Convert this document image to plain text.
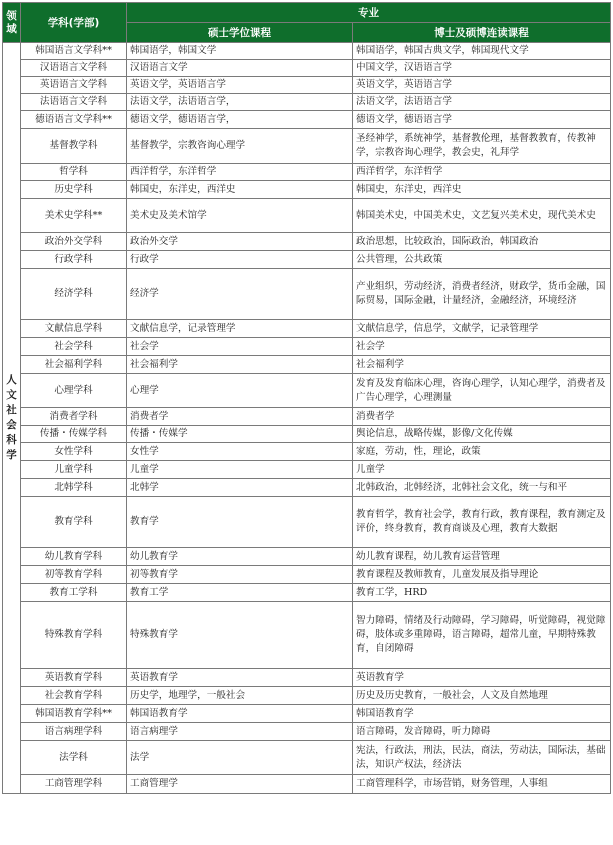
领域	学科(学部)	专业	
		硕士学位课程	博士及硕博连读课程

人文社会科学	韩国语言文学科**	韩国语学，韩国文学	韩国语学，韩国古典文学，韩国现代文学
	汉语语言文学科	汉语语言文学	中国文学，汉语语言学
	英语语言文学科	英语文学，英语语言学	英语文学，英语语言学
	法语语言文学科	法语文学，法语语言学，	法语文学，法语语言学
	德语语言文学科**	德语文学，德语语言学，	德语文学，德语语言学
	基督教学科	基督教学，宗教咨询心理学	圣经神学，系统神学，基督教伦理，基督教教育，传教神学，宗教咨询心理学，教会史，礼拜学
	哲学科	西洋哲学，东洋哲学	西洋哲学，东洋哲学
	历史学科	韩国史，东洋史，西洋史	韩国史，东洋史，西洋史
	美术史学科**	美术史及美术馆学	韩国美术史，中国美术史，文艺复兴美术史，现代美术史
	政治外交学科	政治外交学	政治思想，比较政治，国际政治，韩国政治
	行政学科	行政学	公共管理，公共政策
	经济学科	经济学	产业组织，劳动经济，消费者经济，财政学，货币金融，国际贸易，国际金融，计量经济，金融经济，环境经济
	文献信息学科	文献信息学，记录管理学	文献信息学，信息学，文献学，记录管理学
	社会学科	社会学	社会学
	社会福利学科	社会福利学	社会福利学
	心理学科	心理学	发育及发育临床心理，咨询心理学，认知心理学，消费者及广告心理学，心理测量
	消费者学科	消费者学	消费者学
	传播・传媒学科	传播・传媒学	舆论信息，战略传媒，影像/文化传媒
	女性学科	女性学	家庭，劳动，性，理论，政策
	儿童学科	儿童学	儿童学
	北韩学科	北韩学	北韩政治，北韩经济，北韩社会文化，统一与和平
	教育学科	教育学	教育哲学，教育社会学，教育行政，教育课程，教育测定及评价，终身教育，教育商谈及心理，教育大数据
	幼儿教育学科	幼儿教育学	幼儿教育课程，幼儿教育运营管理
	初等教育学科	初等教育学	教育课程及教师教育，儿童发展及指导理论
	教育工学科	教育工学	教育工学，HRD
	特殊教育学科	特殊教育学	智力障碍，情绪及行动障碍，学习障碍，听觉障碍，视觉障碍，肢体或多重障碍，语言障碍，超常儿童，早期特殊教育，自闭障碍
	英语教育学科	英语教育学	英语教育学
	社会教育学科	历史学，地理学，一般社会	历史及历史教育，一般社会，人文及自然地理
	韩国语教育学科**	韩国语教育学	韩国语教育学
	语言病理学科	语言病理学	语言障碍，发音障碍，听力障碍
	法学科	法学	宪法，行政法，刑法，民法，商法，劳动法，国际法，基础法，知识产权法，经济法
	工商管理学科	工商管理学	工商管理科学，市场营销，财务管理，人事组
